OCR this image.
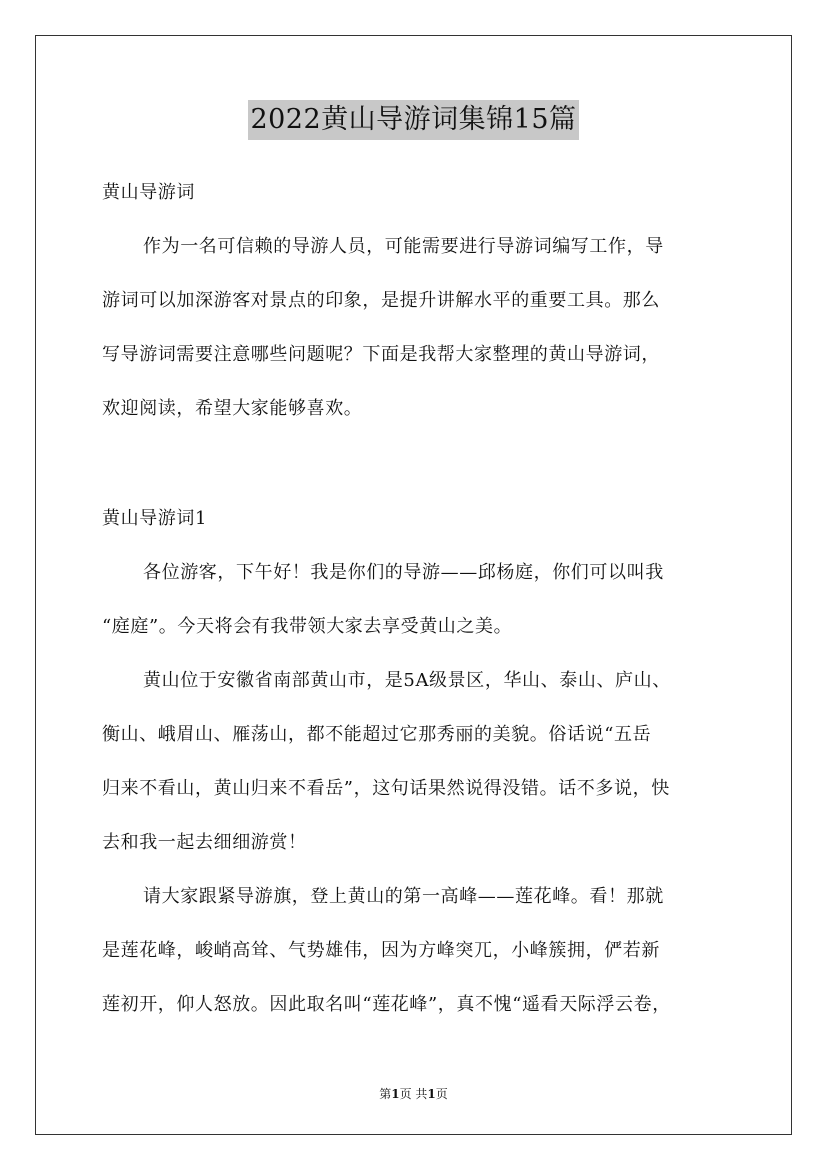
2022黄山导游词集锦15篇
黄山导游词
作为一名可信赖的导游人员，可能需要进行导游词编写工作，导
游词可以加深游客对景点的印象，是提升讲解水平的重要工具。那么
写导游词需要注意哪些问题呢？下面是我帮大家整理的黄山导游词，
欢迎阅读，希望大家能够喜欢。
黄山导游词1
各位游客，下午好！我是你们的导游——邱杨庭，你们可以叫我
“庭庭”。今天将会有我带领大家去享受黄山之美。
黄山位于安徽省南部黄山市，是5A级景区，华山、泰山、庐山、
衡山、峨眉山、雁荡山，都不能超过它那秀丽的美貌。俗话说“五岳
归来不看山，黄山归来不看岳”，这句话果然说得没错。话不多说，快
去和我一起去细细游赏！
请大家跟紧导游旗，登上黄山的第一高峰——莲花峰。看！那就
是莲花峰，峻峭高耸、气势雄伟，因为方峰突兀，小峰簇拥，俨若新
莲初开，仰人怒放。因此取名叫“莲花峰”，真不愧“遥看天际浮云卷，
第1页 共1页
